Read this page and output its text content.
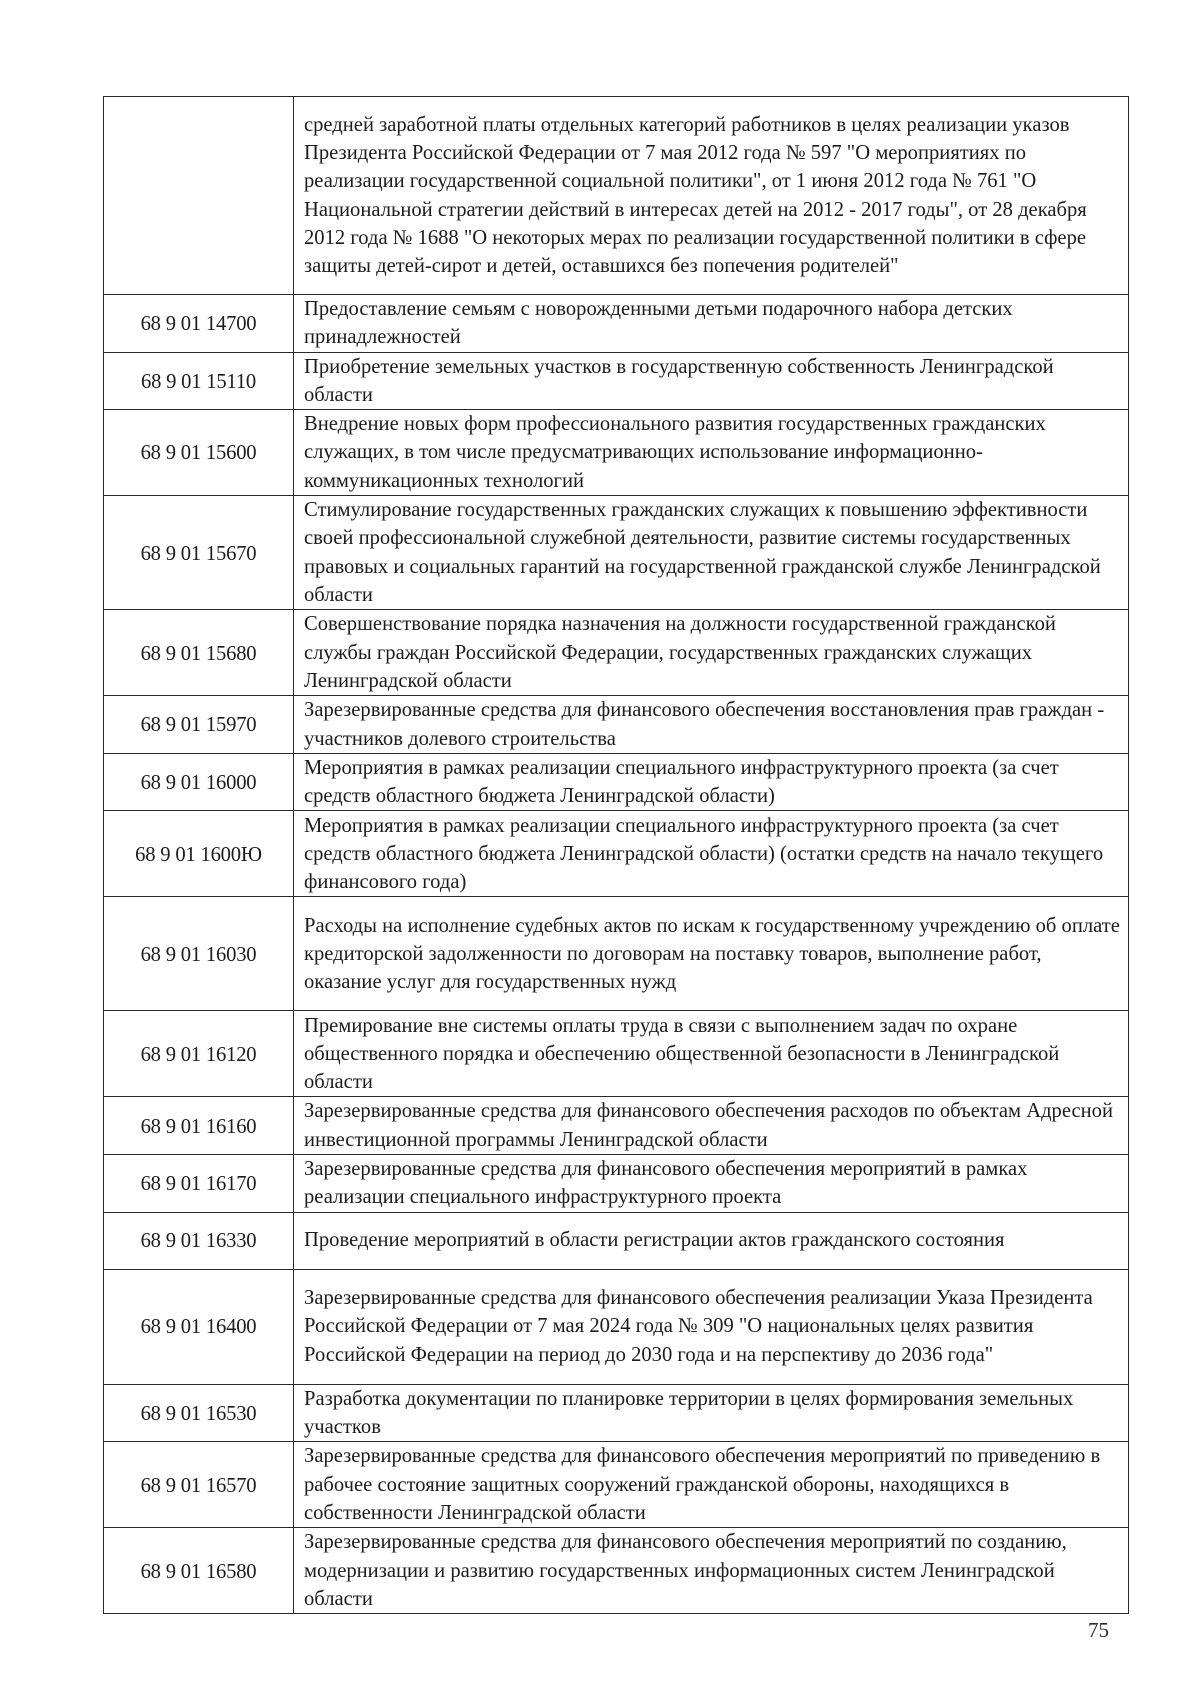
	средней заработной платы отдельных категорий работников в целях реализации указов Президента Российской Федерации от 7 мая 2012 года № 597 "О мероприятиях по реализации государственной социальной политики", от 1 июня 2012 года № 761 "О Национальной стратегии действий в интересах детей на 2012 - 2017 годы", от 28 декабря 2012 года № 1688 "О некоторых мерах по реализации государственной политики в сфере защиты детей-сирот и детей, оставшихся без попечения родителей"
68 9 01 14700	Предоставление семьям с новорожденными детьми подарочного набора детских принадлежностей
68 9 01 15110	Приобретение земельных участков в государственную собственность Ленинградской области
68 9 01 15600	Внедрение новых форм профессионального развития государственных гражданских служащих, в том числе предусматривающих использование информационно-коммуникационных технологий
68 9 01 15670	Стимулирование государственных гражданских служащих к повышению эффективности своей профессиональной служебной деятельности, развитие системы государственных правовых и социальных гарантий на государственной гражданской службе Ленинградской области
68 9 01 15680	Совершенствование порядка назначения на должности государственной гражданской службы граждан Российской Федерации, государственных гражданских служащих Ленинградской области
68 9 01 15970	Зарезервированные средства для финансового обеспечения восстановления прав граждан - участников долевого строительства
68 9 01 16000	Мероприятия в рамках реализации специального инфраструктурного проекта (за счет средств областного бюджета Ленинградской области)
68 9 01 1600Ю	Мероприятия в рамках реализации специального инфраструктурного проекта (за счет средств областного бюджета Ленинградской области) (остатки средств на начало текущего финансового года)
68 9 01 16030	Расходы на исполнение судебных актов по искам к государственному учреждению об оплате кредиторской задолженности по договорам на поставку товаров, выполнение работ, оказание услуг для государственных нужд
68 9 01 16120	Премирование вне системы оплаты труда в связи с выполнением задач по охране общественного порядка и обеспечению общественной безопасности в Ленинградской области
68 9 01 16160	Зарезервированные средства для финансового обеспечения расходов по объектам Адресной инвестиционной программы Ленинградской области
68 9 01 16170	Зарезервированные средства для финансового обеспечения мероприятий в рамках реализации специального инфраструктурного проекта
68 9 01 16330	Проведение мероприятий в области регистрации актов гражданского состояния
68 9 01 16400	Зарезервированные средства для финансового обеспечения реализации Указа Президента Российской Федерации от 7 мая 2024 года № 309 "О национальных целях развития Российской Федерации на период до 2030 года и на перспективу до 2036 года"
68 9 01 16530	Разработка документации по планировке территории в целях формирования земельных участков
68 9 01 16570	Зарезервированные средства для финансового обеспечения мероприятий по приведению в рабочее состояние защитных сооружений гражданской обороны, находящихся в собственности Ленинградской области
68 9 01 16580	Зарезервированные средства для финансового обеспечения мероприятий по созданию, модернизации и развитию государственных информационных систем Ленинградской области
75
